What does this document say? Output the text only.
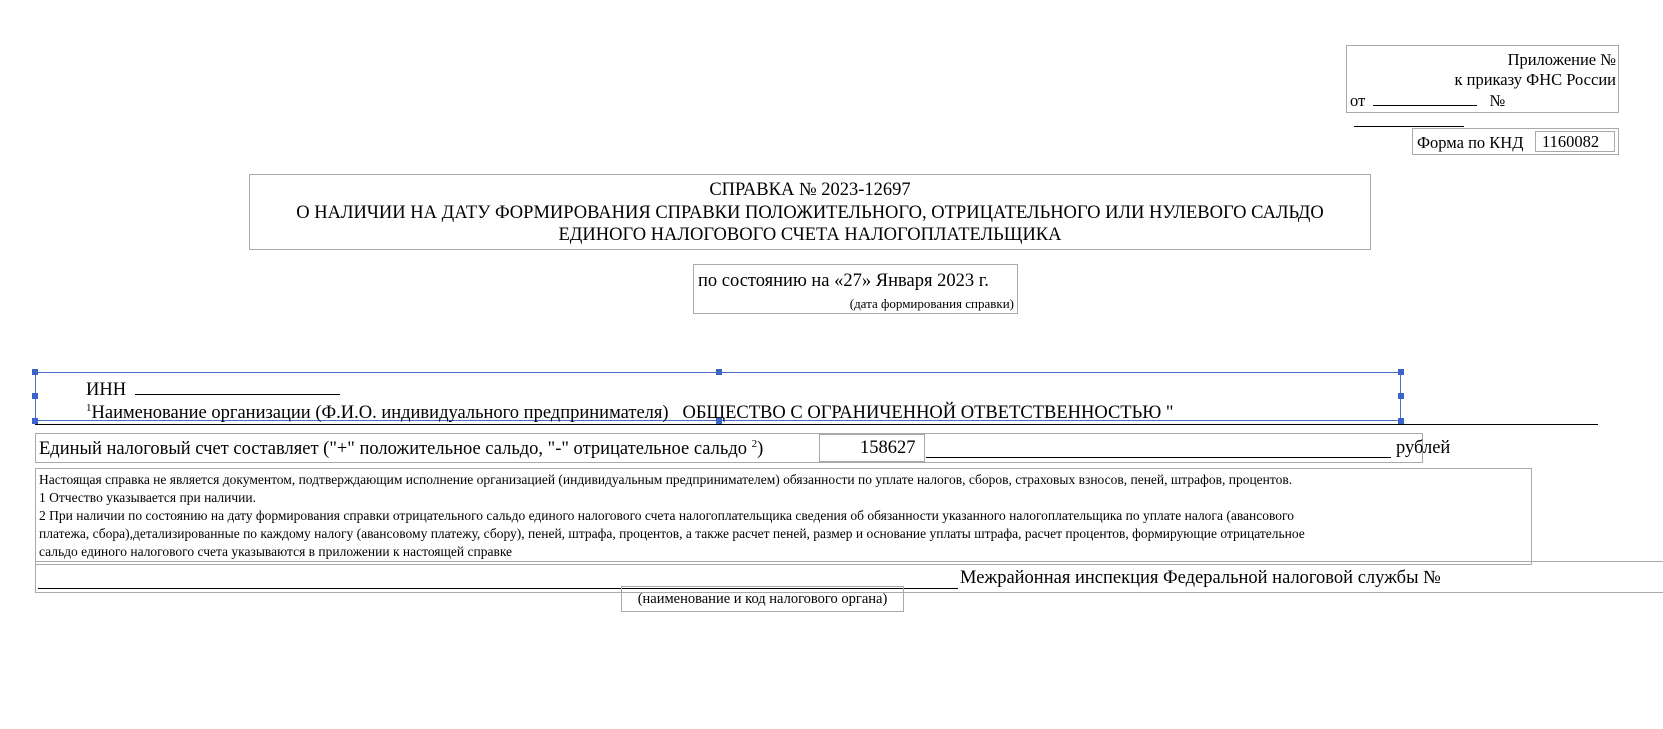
Приложение №
к приказу ФНС России
от	№
Форма по КНД	1160082
СПРАВКА № 2023-12697
О НАЛИЧИИ НА ДАТУ ФОРМИРОВАНИЯ СПРАВКИ ПОЛОЖИТЕЛЬНОГО, ОТРИЦАТЕЛЬНОГО ИЛИ НУЛЕВОГО САЛЬДО
ЕДИНОГО НАЛОГОВОГО СЧЕТА НАЛОГОПЛАТЕЛЬЩИКА
по состоянию на «27» Января 2023 г.
(дата формирования справки)
ИНН
$^1$Наименование организации (Ф.И.О. индивидуального предпринимателя) ОБЩЕСТВО С ОГРАНИЧЕННОЙ ОТВЕТСТВЕННОСТЬЮ "
Единый налоговый счет составляет ("+" положительное сальдо, "-" отрицательное сальдо $^2$)	158627	рублей
Настоящая справка не является документом, подтверждающим исполнение организацией (индивидуальным предпринимателем) обязанности по уплате налогов, сборов, страховых взносов, пеней, штрафов, процентов.
1 Отчество указывается при наличии.
2 При наличии по состоянию на дату формирования справки отрицательного сальдо единого налогового счета налогоплательщика сведения об обязанности указанного налогоплательщика по уплате налога (авансового
платежа, сбора),детализированные по каждому налогу (авансовому платежу, сбору), пеней, штрафа, процентов, а также расчет пеней, размер и основание уплаты штрафа, расчет процентов, формирующие отрицательное
сальдо единого налогового счета указываются в приложении к настоящей справке
Межрайонная инспекция Федеральной налоговой службы №
(наименование и код налогового органа)
